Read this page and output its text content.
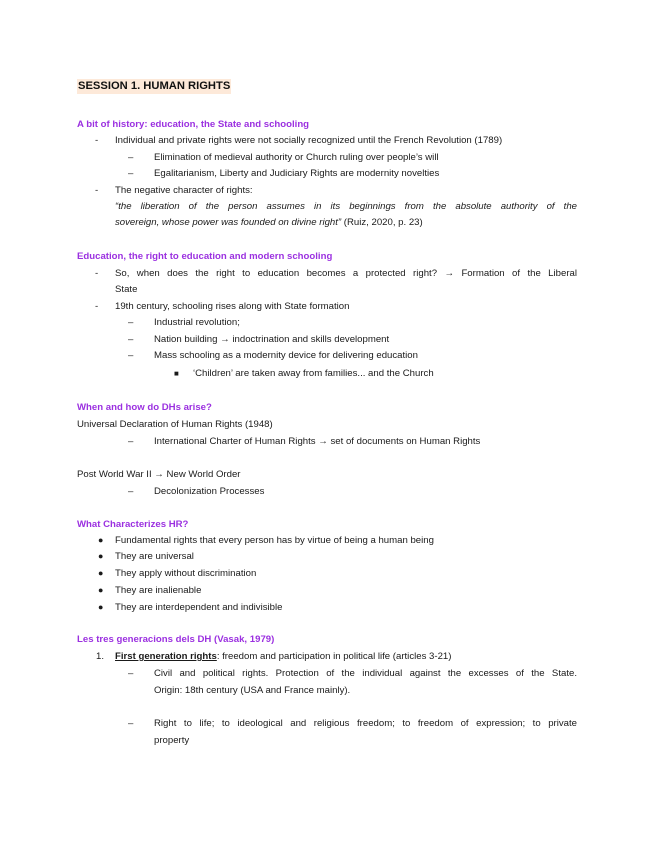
SESSION 1. HUMAN RIGHTS
A bit of history: education, the State and schooling
- Individual and private rights were not socially recognized until the French Revolution (1789)
– Elimination of medieval authority or Church ruling over people’s will
– Egalitarianism, Liberty and Judiciary Rights are modernity novelties
- The negative character of rights:
“the liberation of the person assumes in its beginnings from the absolute authority of the
sovereign, whose power was founded on divine right” (Ruiz, 2020, p. 23)
Education, the right to education and modern schooling
- So, when does the right to education becomes a protected right? → Formation of the Liberal
State
- 19th century, schooling rises along with State formation
– Industrial revolution;
– Nation building → indoctrination and skills development
– Mass schooling as a modernity device for delivering education
■ ‘Children’ are taken away from families... and the Church
When and how do DHs arise?
Universal Declaration of Human Rights (1948)
– International Charter of Human Rights → set of documents on Human Rights
Post World War II → New World Order
– Decolonization Processes
What Characterizes HR?
● Fundamental rights that every person has by virtue of being a human being
● They are universal
● They apply without discrimination
● They are inalienable
● They are interdependent and indivisible
Les tres generacions dels DH (Vasak, 1979)
1. First generation rights: freedom and participation in political life (articles 3-21)
– Civil and political rights. Protection of the individual against the excesses of the State.
Origin: 18th century (USA and France mainly).
– Right to life; to ideological and religious freedom; to freedom of expression; to private
property
